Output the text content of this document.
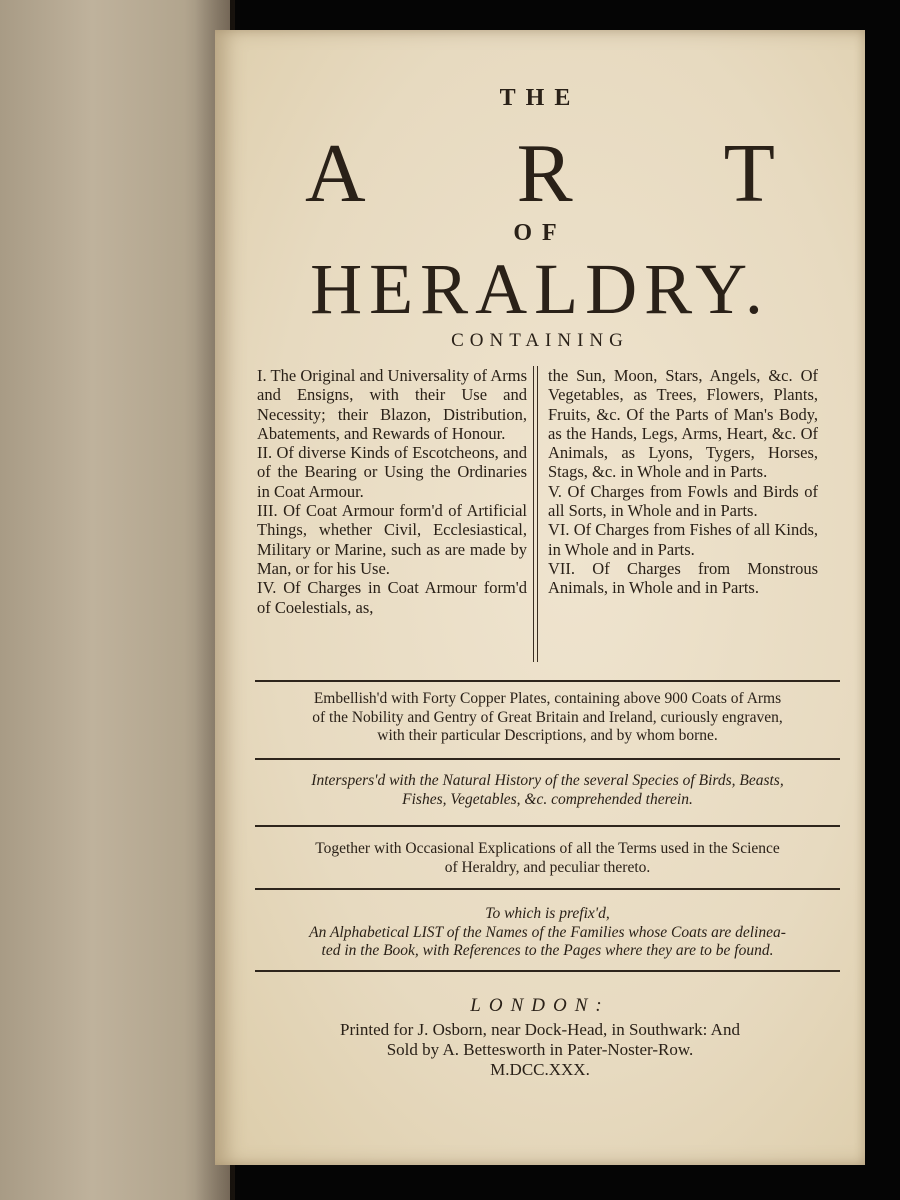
THE
A R T
OF
HERALDRY.
CONTAINING

I. The Original and Universality of Arms and Ensigns, with their Use and Necessity; their Blazon, Distribution, Abatements, and Rewards of Honour.

II. Of diverse Kinds of Escotcheons, and of the Bearing or Using the Ordinaries in Coat Armour.

III. Of Coat Armour form'd of Artificial Things, whether Civil, Ecclesiastical, Military or Marine, such as are made by Man, or for his Use.

IV. Of Charges in Coat Armour form'd of Coelestials, as,

the Sun, Moon, Stars, Angels, &c. Of Vegetables, as Trees, Flowers, Plants, Fruits, &c. Of the Parts of Man's Body, as the Hands, Legs, Arms, Heart, &c. Of Animals, as Lyons, Tygers, Horses, Stags, &c. in Whole and in Parts.

V. Of Charges from Fowls and Birds of all Sorts, in Whole and in Parts.

VI. Of Charges from Fishes of all Kinds, in Whole and in Parts.

VII. Of Charges from Monstrous Animals, in Whole and in Parts.

Embellish'd with Forty Copper Plates, containing above 900 Coats of Arms

of the Nobility and Gentry of Great Britain and Ireland, curiously engraven,

with their particular Descriptions, and by whom borne.

Interspers'd with the Natural History of the several Species of Birds, Beasts,

Fishes, Vegetables, &c. comprehended therein.

Together with Occasional Explications of all the Terms used in the Science

of Heraldry, and peculiar thereto.

To which is prefix'd,

An Alphabetical LIST of the Names of the Families whose Coats are delinea-

ted in the Book, with References to the Pages where they are to be found.

LONDON:

Printed for J. Osborn, near Dock-Head, in Southwark: And

Sold by A. Bettesworth in Pater-Noster-Row.

M.DCC.XXX.
